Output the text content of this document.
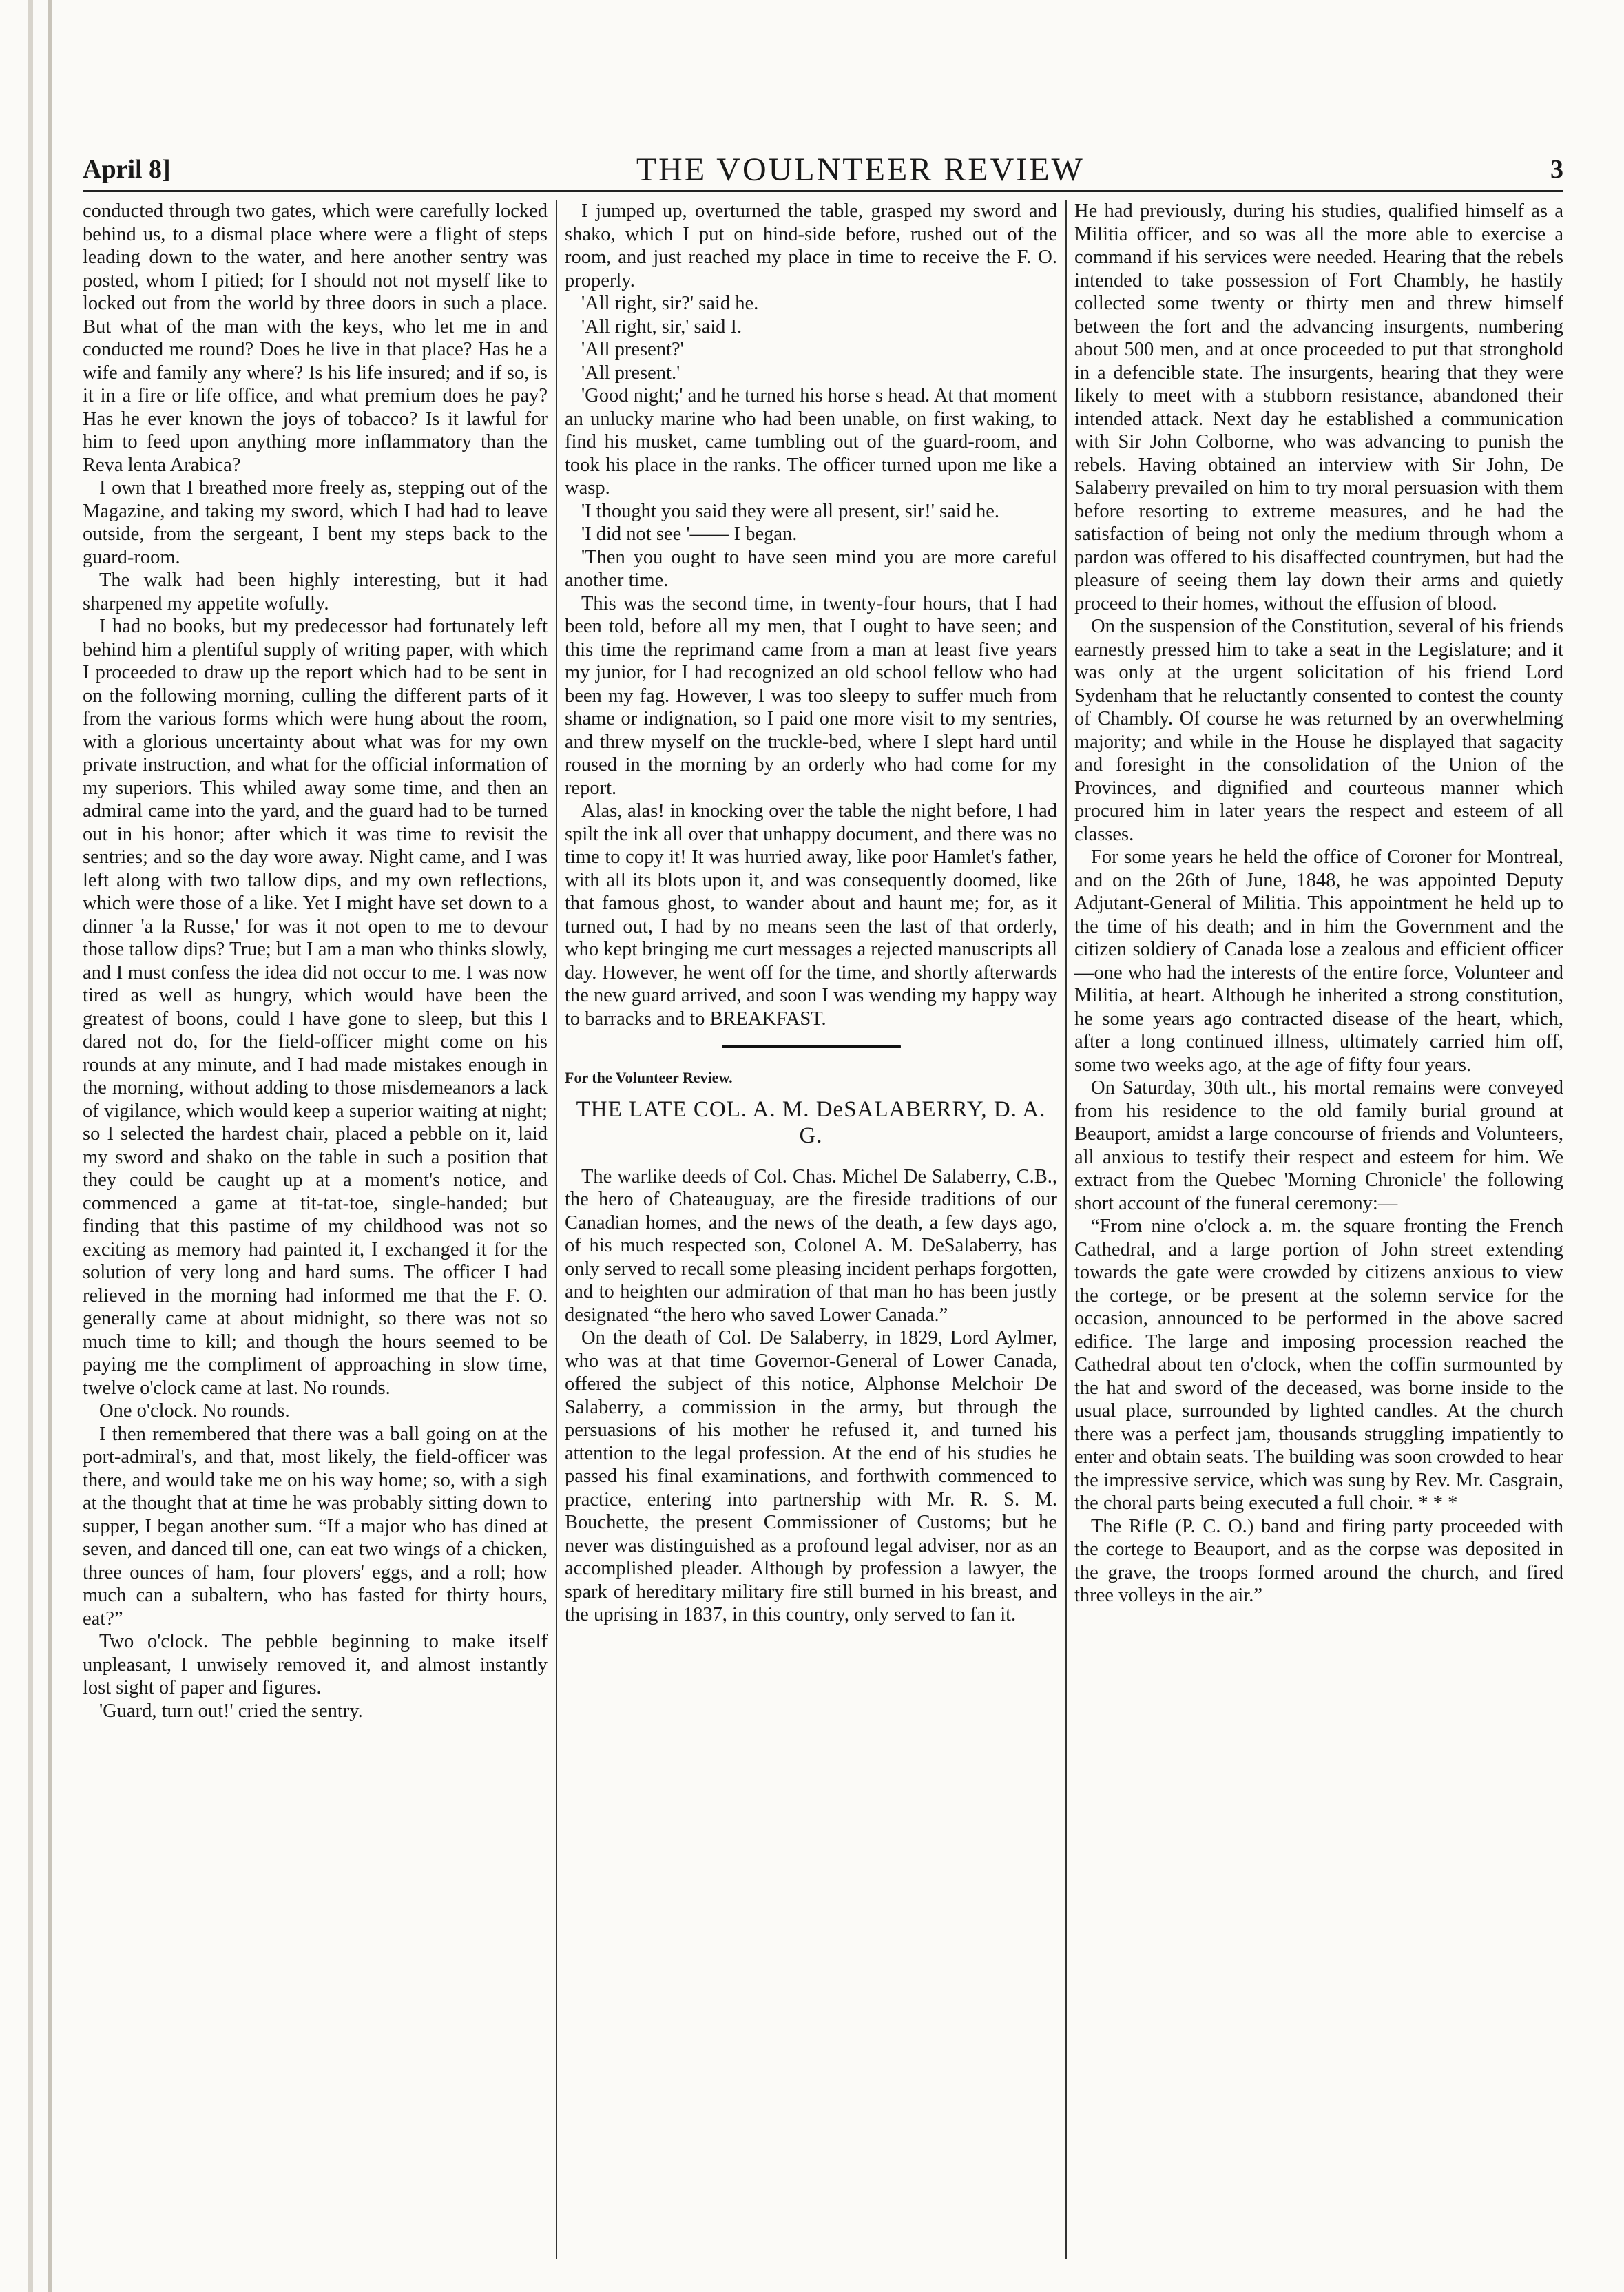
April 8]	THE VOULNTEER REVIEW	3

conducted through two gates, which were carefully locked behind us, to a dismal place where were a flight of steps leading down to the water, and here another sentry was posted, whom I pitied; for I should not not myself like to locked out from the world by three doors in such a place. But what of the man with the keys, who let me in and conducted me round? Does he live in that place? Has he a wife and family any where? Is his life insured; and if so, is it in a fire or life office, and what premium does he pay? Has he ever known the joys of tobacco? Is it lawful for him to feed upon anything more inflammatory than the Reva lenta Arabica?

I own that I breathed more freely as, stepping out of the Magazine, and taking my sword, which I had had to leave outside, from the sergeant, I bent my steps back to the guard-room.

The walk had been highly interesting, but it had sharpened my appetite wofully.

I had no books, but my predecessor had fortunately left behind him a plentiful supply of writing paper, with which I proceeded to draw up the report which had to be sent in on the following morning, culling the different parts of it from the various forms which were hung about the room, with a glorious uncertainty about what was for my own private instruction, and what for the official information of my superiors. This whiled away some time, and then an admiral came into the yard, and the guard had to be turned out in his honor; after which it was time to revisit the sentries; and so the day wore away. Night came, and I was left along with two tallow dips, and my own reflections, which were those of a like. Yet I might have set down to a dinner 'a la Russe,' for was it not open to me to devour those tallow dips? True; but I am a man who thinks slowly, and I must confess the idea did not occur to me. I was now tired as well as hungry, which would have been the greatest of boons, could I have gone to sleep, but this I dared not do, for the field-officer might come on his rounds at any minute, and I had made mistakes enough in the morning, without adding to those misdemeanors a lack of vigilance, which would keep a superior waiting at night; so I selected the hardest chair, placed a pebble on it, laid my sword and shako on the table in such a position that they could be caught up at a moment's notice, and commenced a game at tit-tat-toe, single-handed; but finding that this pastime of my childhood was not so exciting as memory had painted it, I exchanged it for the solution of very long and hard sums. The officer I had relieved in the morning had informed me that the F. O. generally came at about midnight, so there was not so much time to kill; and though the hours seemed to be paying me the compliment of approaching in slow time, twelve o'clock came at last. No rounds.

One o'clock. No rounds.

I then remembered that there was a ball going on at the port-admiral's, and that, most likely, the field-officer was there, and would take me on his way home; so, with a sigh at the thought that at time he was probably sitting down to supper, I began another sum. “If a major who has dined at seven, and danced till one, can eat two wings of a chicken, three ounces of ham, four plovers' eggs, and a roll; how much can a subaltern, who has fasted for thirty hours, eat?”

Two o'clock. The pebble beginning to make itself unpleasant, I unwisely removed it, and almost instantly lost sight of paper and figures.

'Guard, turn out!' cried the sentry.

I jumped up, overturned the table, grasped my sword and shako, which I put on hind-side before, rushed out of the room, and just reached my place in time to receive the F. O. properly.

'All right, sir?' said he.

'All right, sir,' said I.

'All present?'

'All present.'

'Good night;' and he turned his horse s head. At that moment an unlucky marine who had been unable, on first waking, to find his musket, came tumbling out of the guard-room, and took his place in the ranks. The officer turned upon me like a wasp.

'I thought you said they were all present, sir!' said he.

'I did not see '—— I began.

'Then you ought to have seen mind you are more careful another time.

This was the second time, in twenty-four hours, that I had been told, before all my men, that I ought to have seen; and this time the reprimand came from a man at least five years my junior, for I had recognized an old school fellow who had been my fag. However, I was too sleepy to suffer much from shame or indignation, so I paid one more visit to my sentries, and threw myself on the truckle-bed, where I slept hard until roused in the morning by an orderly who had come for my report.

Alas, alas! in knocking over the table the night before, I had spilt the ink all over that unhappy document, and there was no time to copy it! It was hurried away, like poor Hamlet's father, with all its blots upon it, and was consequently doomed, like that famous ghost, to wander about and haunt me; for, as it turned out, I had by no means seen the last of that orderly, who kept bringing me curt messages a rejected manuscripts all day. However, he went off for the time, and shortly afterwards the new guard arrived, and soon I was wending my happy way to barracks and to BREAKFAST.

For the Volunteer Review.

THE LATE COL. A. M. DeSALABERRY, D. A. G.

The warlike deeds of Col. Chas. Michel De Salaberry, C.B., the hero of Chateauguay, are the fireside traditions of our Canadian homes, and the news of the death, a few days ago, of his much respected son, Colonel A. M. DeSalaberry, has only served to recall some pleasing incident perhaps forgotten, and to heighten our admiration of that man ho has been justly designated “the hero who saved Lower Canada.”

On the death of Col. De Salaberry, in 1829, Lord Aylmer, who was at that time Governor-General of Lower Canada, offered the subject of this notice, Alphonse Melchoir De Salaberry, a commission in the army, but through the persuasions of his mother he refused it, and turned his attention to the legal profession. At the end of his studies he passed his final examinations, and forthwith commenced to practice, entering into partnership with Mr. R. S. M. Bouchette, the present Commissioner of Customs; but he never was distinguished as a profound legal adviser, nor as an accomplished pleader. Although by profession a lawyer, the spark of hereditary military fire still burned in his breast, and the uprising in 1837, in this country, only served to fan it.

He had previously, during his studies, qualified himself as a Militia officer, and so was all the more able to exercise a command if his services were needed. Hearing that the rebels intended to take possession of Fort Chambly, he hastily collected some twenty or thirty men and threw himself between the fort and the advancing insurgents, numbering about 500 men, and at once proceeded to put that stronghold in a defencible state. The insurgents, hearing that they were likely to meet with a stubborn resistance, abandoned their intended attack. Next day he established a communication with Sir John Colborne, who was advancing to punish the rebels. Having obtained an interview with Sir John, De Salaberry prevailed on him to try moral persuasion with them before resorting to extreme measures, and he had the satisfaction of being not only the medium through whom a pardon was offered to his disaffected countrymen, but had the pleasure of seeing them lay down their arms and quietly proceed to their homes, without the effusion of blood.

On the suspension of the Constitution, several of his friends earnestly pressed him to take a seat in the Legislature; and it was only at the urgent solicitation of his friend Lord Sydenham that he reluctantly consented to contest the county of Chambly. Of course he was returned by an overwhelming majority; and while in the House he displayed that sagacity and foresight in the consolidation of the Union of the Provinces, and dignified and courteous manner which procured him in later years the respect and esteem of all classes.

For some years he held the office of Coroner for Montreal, and on the 26th of June, 1848, he was appointed Deputy Adjutant-General of Militia. This appointment he held up to the time of his death; and in him the Government and the citizen soldiery of Canada lose a zealous and efficient officer—one who had the interests of the entire force, Volunteer and Militia, at heart. Although he inherited a strong constitution, he some years ago contracted disease of the heart, which, after a long continued illness, ultimately carried him off, some two weeks ago, at the age of fifty four years.

On Saturday, 30th ult., his mortal remains were conveyed from his residence to the old family burial ground at Beauport, amidst a large concourse of friends and Volunteers, all anxious to testify their respect and esteem for him. We extract from the Quebec 'Morning Chronicle' the following short account of the funeral ceremony:—

“From nine o'clock a. m. the square fronting the French Cathedral, and a large portion of John street extending towards the gate were crowded by citizens anxious to view the cortege, or be present at the solemn service for the occasion, announced to be performed in the above sacred edifice. The large and imposing procession reached the Cathedral about ten o'clock, when the coffin surmounted by the hat and sword of the deceased, was borne inside to the usual place, surrounded by lighted candles. At the church there was a perfect jam, thousands struggling impatiently to enter and obtain seats. The building was soon crowded to hear the impressive service, which was sung by Rev. Mr. Casgrain, the choral parts being executed a full choir. * * *

The Rifle (P. C. O.) band and firing party proceeded with the cortege to Beauport, and as the corpse was deposited in the grave, the troops formed around the church, and fired three volleys in the air.”
